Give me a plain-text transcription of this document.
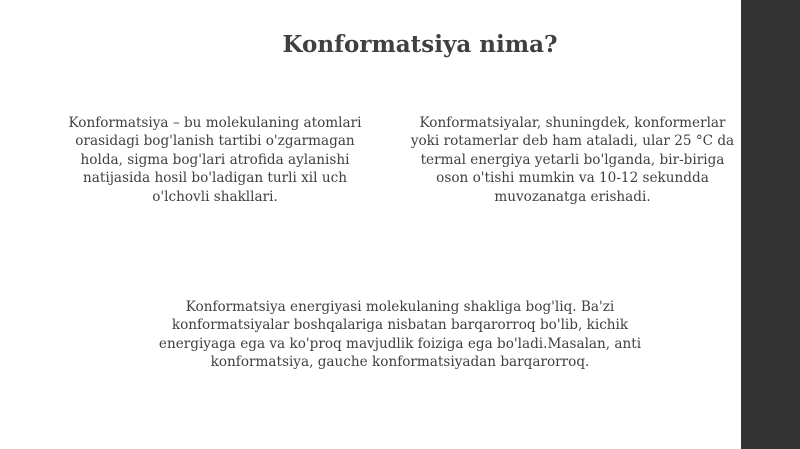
Konformatsiya nima?
Konformatsiya – bu molekulaning atomlari
orasidagi bog'lanish tartibi o'zgarmagan
holda, sigma bog'lari atrofida aylanishi
natijasida hosil bo'ladigan turli xil uch
o'lchovli shakllari.
Konformatsiyalar, shuningdek, konformerlar
yoki rotamerlar deb ham ataladi, ular 25 °C da
termal energiya yetarli bo'lganda, bir-biriga
oson o'tishi mumkin va 10-12 sekundda
muvozanatga erishadi.
Konformatsiya energiyasi molekulaning shakliga bog'liq. Ba'zi
konformatsiyalar boshqalariga nisbatan barqarorroq bo'lib, kichik
energiyaga ega va ko'proq mavjudlik foiziga ega bo'ladi.Masalan, anti
konformatsiya, gauche konformatsiyadan barqarorroq.
